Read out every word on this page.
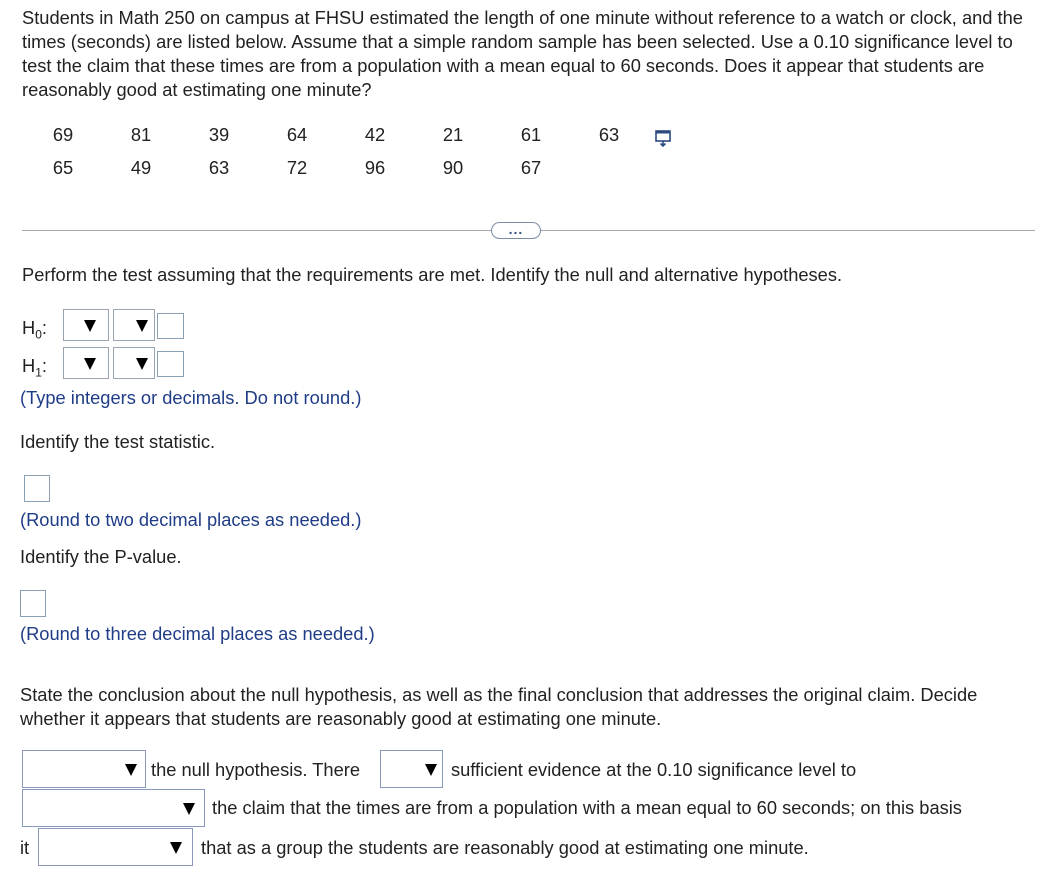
Students in Math 250 on campus at FHSU estimated the length of one minute without reference to a watch or clock, and the times (seconds) are listed below. Assume that a simple random sample has been selected. Use a 0.10 significance level to test the claim that these times are from a population with a mean equal to 60 seconds. Does it appear that students are reasonably good at estimating one minute?
69	81	39	64	42	21	61	63
65	49	63	72	96	90	67
...
Perform the test assuming that the requirements are met. Identify the null and alternative hypotheses.
$H_0$:
$H_1$:
(Type integers or decimals. Do not round.)
Identify the test statistic.
(Round to two decimal places as needed.)
Identify the P-value.
(Round to three decimal places as needed.)
State the conclusion about the null hypothesis, as well as the final conclusion that addresses the original claim. Decide whether it appears that students are reasonably good at estimating one minute.
the null hypothesis. There	sufficient evidence at the 0.10 significance level to
the claim that the times are from a population with a mean equal to 60 seconds; on this basis
it	that as a group the students are reasonably good at estimating one minute.
